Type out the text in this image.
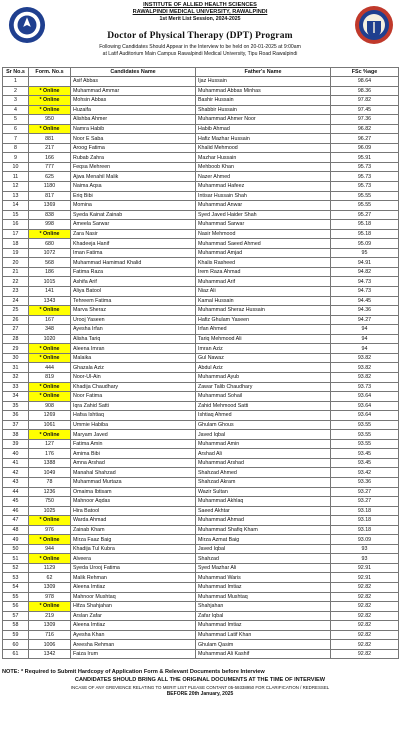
INSTITUTE OF ALLIED HEALTH SCIENCES
RAWALPINDI MEDICAL UNIVERSITY, RAWALPINDI
1st Merit List Session, 2024-2025
Doctor of Physical Therapy (DPT) Program
Following Candidates Should Appear in the Interview to be held on 20-01-2025 at 9:00am
at Latif Auditorium Main Campus Rawalpindi Medical University, Tipu Road Rawalpindi
Sr No.s	Form. No.s	Candidates Name	Father's Name	FSc %age
1		Asif Abbas	Ijaz Hussain	98.64
2	* Online	Muhammad Ammar	Muhammad Abbas Minhas	98.36
3	* Online	Mohsin Abbas	Bashir Hussain	97.82
4	* Online	Huzaifa	Shabbir Hussain	97.45
5	950	Alishba Ahmer	Muhammad Ahmer Noor	97.36
6	* Online	Namra Habib	Habib Ahmad	96.82
7	881	Noor E Saba	Hafiz Mazhar Hussain	96.27
8	217	Aroog Fatima	Khalid Mehmood	96.09
9	166	Rubab Zahra	Mazhar Hussain	95.91
10	777	Feqsa Mehreen	Mehboob Khan	95.73
11	625	Ajwa Menahil Malik	Nazer Ahmed	95.73
12	1180	Naima Aqsa	Muhammad Hafeez	95.73
13	817	Eriq Bibi	Intisar Hussain Shah	95.55
14	1369	Momina	Muhammad Anwar	95.55
15	838	Syeda Kainat Zainab	Syed Javed Haider Shah	95.27
16	998	Ameela Sarwar	Muhammad Sarwar	95.18
17	* Online	Zara Nasir	Nasir Mehmood	95.18
18	680	Khadeeja Hanif	Muhammad Saeed Ahmed	95.09
19	1072	Iman Fatima	Muhammad Amjad	95
20	568	Muhammad Hamimad Khalid	Khalis Rasheed	94.91
21	186	Fatima Raza	Irem Raza Ahmad	94.82
22	1015	Ashifa Arif	Muhammad Arif	94.73
23	141	Aliya Batool	Niaz Ali	94.73
24	1343	Tehreem Fatima	Kamal Hussain	94.45
25	* Online	Marva Sheraz	Muhammad Sheraz Hussain	94.36
26	167	Urooj Yaseen	Hafiz Ghulam Yaseen	94.27
27	348	Ayesha Irfan	Irfan Ahmed	94
28	1020	Alisha Tariq	Tariq Mehmood Ali	94
29	* Online	Aleena Imran	Imran Aziz	94
30	* Online	Malaika	Gul Nawaz	93.82
31	444	Ghazala Aziz	Abdul Aziz	93.82
32	819	Noor-Ul-Ain	Muhammad Ayub	93.82
33	* Online	Khadija Chaudhary	Zawar Talib Chaudhary	93.73
34	* Online	Noor Fatima	Muhammad Sohail	93.64
35	908	Iqra Zahid Satti	Zahid Mehmood Satti	93.64
36	1269	Hafsa Ishtiaq	Ishtiaq Ahmed	93.64
37	1061	Ummie Habiba	Ghulam Ghous	93.55
38	* Online	Maryam Javed	Javed Iqbal	93.55
39	127	Fatima Amin	Muhammad Amin	93.55
40	176	Amima Bibi	Arshad Ali	93.45
41	1388	Amna Arshad	Muhammad Arshad	93.45
42	1049	Manahal Shahzad	Shahzad Ahmed	93.42
43	78	Muhammad Murtaza	Shahzad Akram	93.36
44	1236	Omaima Ibtisam	Wazir Sultan	93.27
45	750	Mahnoor Aqdas	Muhammad Akhlaq	93.27
46	1025	Hira Batool	Saeed Akhtar	93.18
47	* Online	Warda Ahmad	Muhammad Ahmad	93.18
48	976	Zainab Kham	Muhammad Shafiq Kham	93.18
49	* Online	Mirza Faaz Baig	Mirza Azmat Baig	93.09
50	944	Khadija Tul Kubra	Javed Iqbal	93
51	* Online	Alveera	Shahzad	93
52	1129	Syeda Urooj Fatima	Syed Mazhar Ali	92.91
53	62	Malik Rehman	Muhammad Waris	92.91
54	1309	Aleena Imtiaz	Muhammad Imtiaz	92.82
55	978	Mahnoor Mushtaq	Muhammad Mushtaq	92.82
56	* Online	Hifza Shahjahan	Shahjahan	92.82
57	219	Arslan Zafar	Zafar Iqbal	92.82
58	1309	Aleena Imtiaz	Muhammad Imtiaz	92.82
59	716	Ayesha Khan	Muhammad Latif Khan	92.82
60	1006	Areesha Rehman	Ghulam Qasim	92.82
61	1342	Faiza Irum	Muhammad Ali Kashif	92.82
NOTE: * Required to Submit Hardcopy of Application Form & Relevant Documents before Interview
CANDIDATES SHOULD BRING ALL THE ORIGINAL DOCUMENTS AT THE TIME OF INTERVIEW
INCASE OF ANY GREVIENCE RELATING TO MERIT LIST PLEASE CONTANT 05-59338950 FOR CLARIFICATION / REDRESSEL
BEFORE 20th January, 2025
